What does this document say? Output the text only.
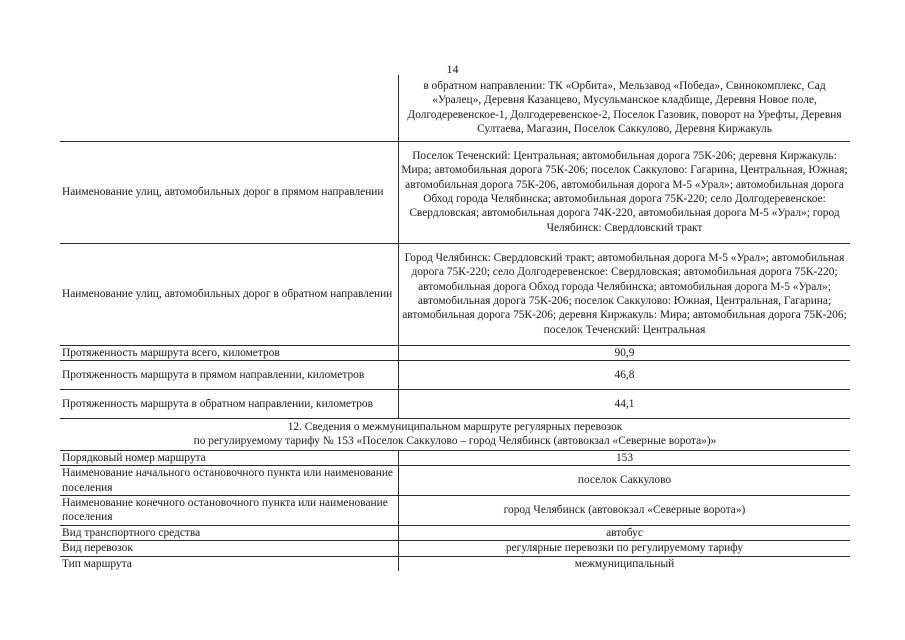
14
	в обратном направлении: ТК «Орбита», Мельзавод «Победа», Свинокомплекс, Сад «Уралец», Деревня Казанцево, Мусульманское кладбище, Деревня Новое поле, Долгодеревенское-1, Долгодеревенское-2, Поселок Газовик, поворот на Урефты, Деревня Султаева, Магазин, Поселок Саккулово, Деревня Киржакуль
Наименование улиц, автомобильных дорог в прямом направлении	Поселок Теченский: Центральная; автомобильная дорога 75К-206; деревня Киржакуль: Мира; автомобильная дорога 75К-206; поселок Саккулово: Гагарина, Центральная, Южная; автомобильная дорога 75К-206, автомобильная дорога М-5 «Урал»; автомобильная дорога Обход города Челябинска; автомобильная дорога 75К-220; село Долгодеревенское: Свердловская; автомобильная дорога 74К-220, автомобильная дорога М-5 «Урал»; город Челябинск: Свердловский тракт
Наименование улиц, автомобильных дорог в обратном направлении	Город Челябинск: Свердловский тракт; автомобильная дорога М-5 «Урал»; автомобильная дорога 75К-220; село Долгодеревенское: Свердловская; автомобильная дорога 75К-220; автомобильная дорога Обход города Челябинска; автомобильная дорога М-5 «Урал»; автомобильная дорога 75К-206; поселок Саккулово: Южная, Центральная, Гагарина; автомобильная дорога 75К-206; деревня Киржакуль: Мира; автомобильная дорога 75К-206; поселок Теченский: Центральная
Протяженность маршрута всего, километров	90,9
Протяженность маршрута в прямом направлении, километров	46,8
Протяженность маршрута в обратном направлении, километров	44,1

12. Сведения о межмуниципальном маршруте регулярных перевозок
по регулируемому тарифу № 153 «Поселок Саккулово – город Челябинск (автовокзал «Северные ворота»)»	

Порядковый номер маршрута	153
Наименование начального остановочного пункта или наименование поселения	поселок Саккулово
Наименование конечного остановочного пункта или наименование поселения	город Челябинск (автовокзал «Северные ворота»)
Вид транспортного средства	автобус
Вид перевозок	регулярные перевозки по регулируемому тарифу
Тип маршрута	межмуниципальный
